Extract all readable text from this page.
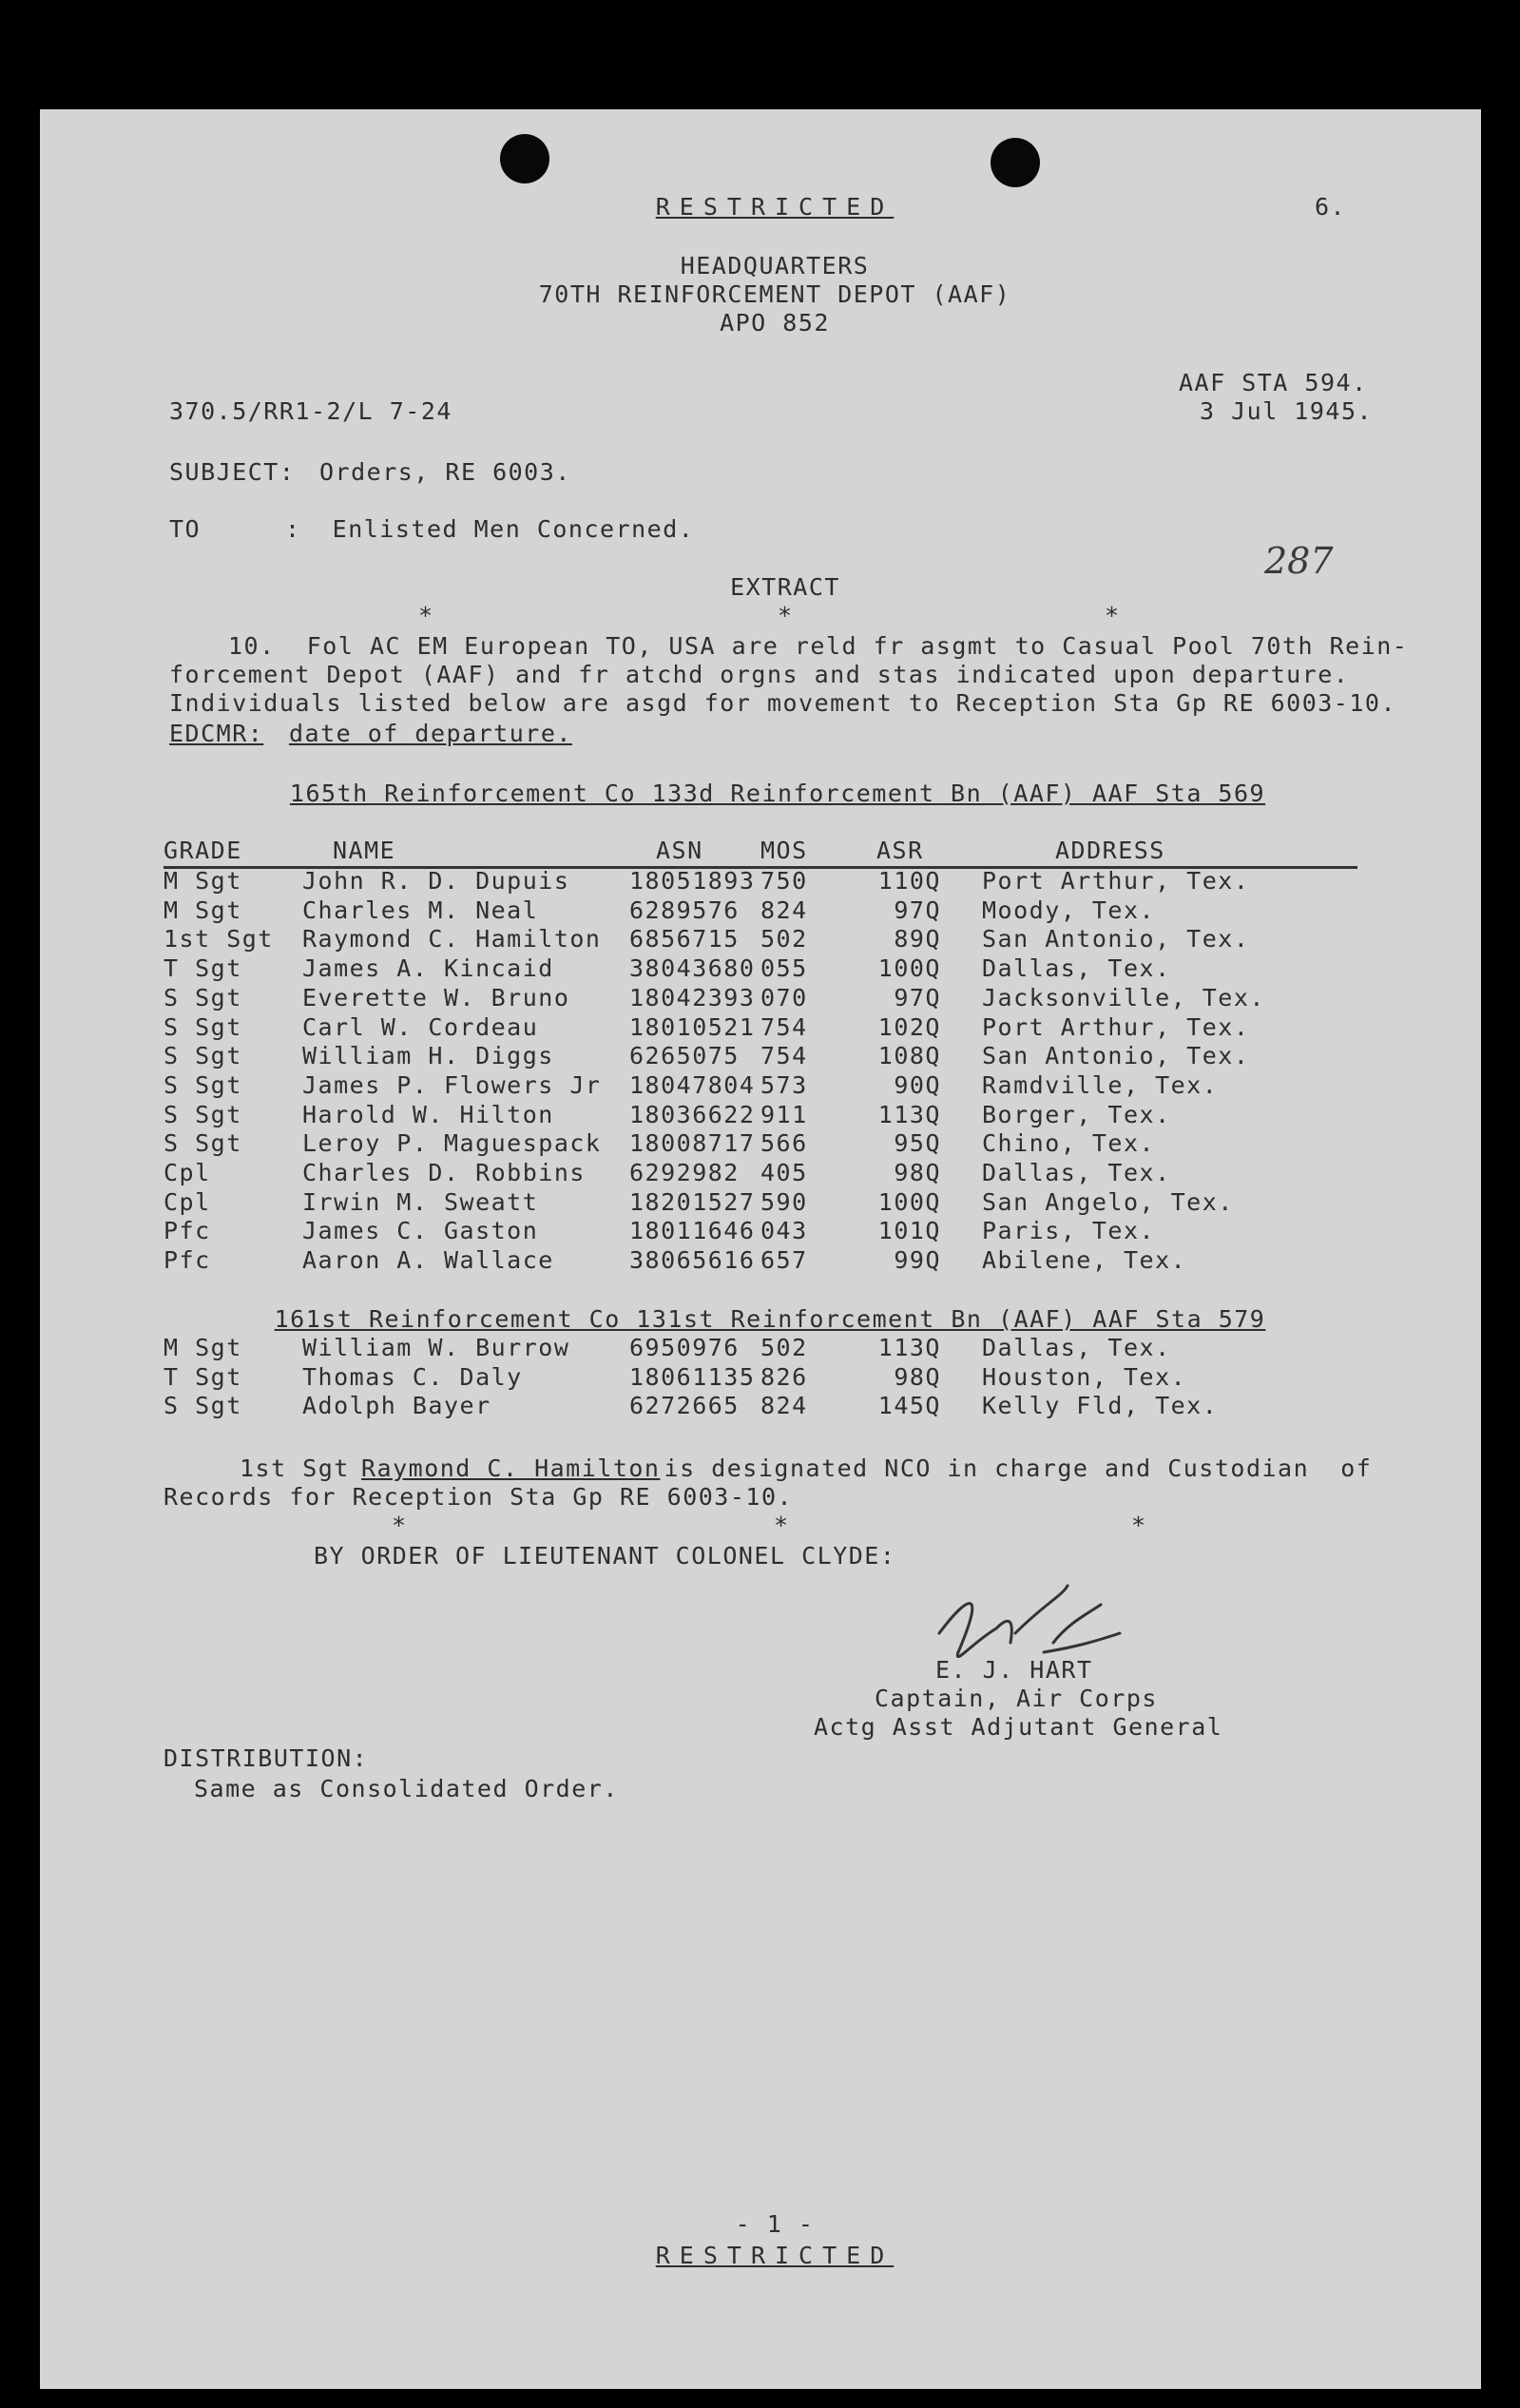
RESTRICTED	6.
HEADQUARTERS
70TH REINFORCEMENT DEPOT (AAF)
APO 852
AAF STA 594.
370.5/RR1-2/L 7-24	3 Jul 1945.
SUBJECT: Orders, RE 6003.
TO	:  Enlisted Men Concerned.
287
EXTRACT
*	*	*
10.  Fol AC EM European TO, USA are reld fr asgmt to Casual Pool 70th Rein-
forcement Depot (AAF) and fr atchd orgns and stas indicated upon departure.
Individuals listed below are asgd for movement to Reception Sta Gp RE 6003-10.
EDCMR: date of departure.
165th Reinforcement Co 133d Reinforcement Bn (AAF) AAF Sta 569
GRADE	NAME	ASN MOS	ASR	ADDRESS
M Sgt	John R. D. Dupuis	18051893 750	110Q Port Arthur, Tex.
M Sgt	Charles M. Neal	6289576 824	97Q Moody, Tex.
1st Sgt Raymond C. Hamilton 6856715 502	89Q San Antonio, Tex.
T Sgt	James A. Kincaid	38043680 055	100Q Dallas, Tex.
S Sgt	Everette W. Bruno	18042393 070	97Q Jacksonville, Tex.
S Sgt	Carl W. Cordeau	18010521 754	102Q Port Arthur, Tex.
S Sgt	William H. Diggs	6265075 754	108Q San Antonio, Tex.
S Sgt	James P. Flowers Jr 18047804 573	90Q Ramdville, Tex.
S Sgt	Harold W. Hilton	18036622 911	113Q Borger, Tex.
S Sgt	Leroy P. Maguespack 18008717 566	95Q Chino, Tex.
Cpl	Charles D. Robbins 6292982 405	98Q Dallas, Tex.
Cpl	Irwin M. Sweatt	18201527 590	100Q San Angelo, Tex.
Pfc	James C. Gaston	18011646 043	101Q Paris, Tex.
Pfc	Aaron A. Wallace	38065616 657	99Q Abilene, Tex.
161st Reinforcement Co 131st Reinforcement Bn (AAF) AAF Sta 579
M Sgt	William W. Burrow	6950976 502	113Q Dallas, Tex.
T Sgt	Thomas C. Daly	18061135 826	98Q Houston, Tex.
S Sgt	Adolph Bayer	6272665 824	145Q Kelly Fld, Tex.
1st Sgt Raymond C. Hamilton
is designated NCO in charge and Custodian  of
Records for Reception Sta Gp RE 6003-10.
*	*	*
BY ORDER OF LIEUTENANT COLONEL CLYDE:
E. J. HART
Captain, Air Corps
Actg Asst Adjutant General
DISTRIBUTION:
Same as Consolidated Order.
- 1 -
RESTRICTED
